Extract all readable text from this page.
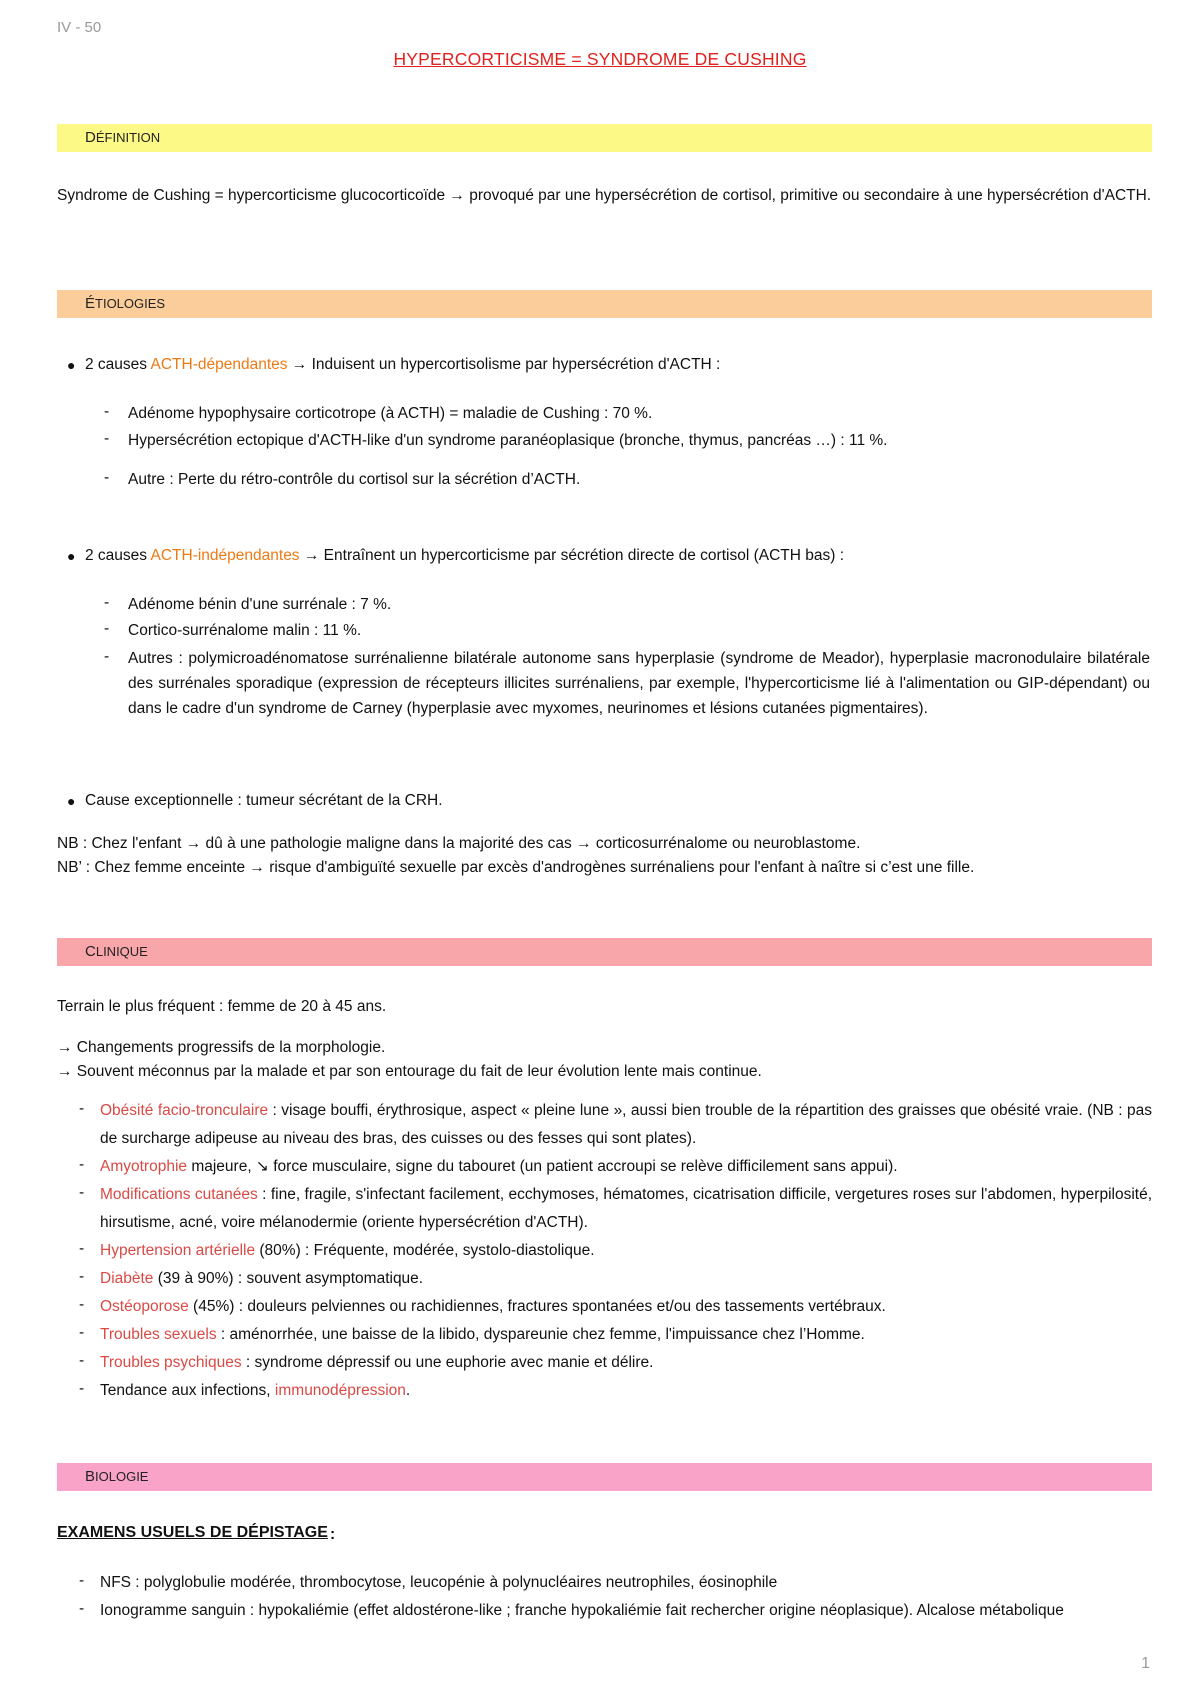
IV - 50
HYPERCORTICISME = SYNDROME DE CUSHING
DÉFINITION
Syndrome de Cushing = hypercorticisme glucocorticoïde → provoqué par une hypersécrétion de cortisol, primitive ou secondaire à une hypersécrétion d'ACTH.
ÉTIOLOGIES
● 2 causes ACTH-dépendantes → Induisent un hypercortisolisme par hypersécrétion d'ACTH :
- Adénome hypophysaire corticotrope (à ACTH) = maladie de Cushing : 70 %.
- Hypersécrétion ectopique d'ACTH-like d'un syndrome paranéoplasique (bronche, thymus, pancréas …) : 11 %.
- Autre : Perte du rétro-contrôle du cortisol sur la sécrétion d’ACTH.
● 2 causes ACTH-indépendantes → Entraînent un hypercorticisme par sécrétion directe de cortisol (ACTH bas) :
- Adénome bénin d'une surrénale : 7 %.
- Cortico-surrénalome malin : 11 %.
- Autres : polymicroadénomatose surrénalienne bilatérale autonome sans hyperplasie (syndrome de Meador), hyperplasie macronodulaire bilatérale des surrénales sporadique (expression de récepteurs illicites surrénaliens, par exemple, l'hypercorticisme lié à l'alimentation ou GIP-dépendant) ou dans le cadre d'un syndrome de Carney (hyperplasie avec myxomes, neurinomes et lésions cutanées pigmentaires).
● Cause exceptionnelle : tumeur sécrétant de la CRH.
NB : Chez l'enfant → dû à une pathologie maligne dans la majorité des cas → corticosurrénalome ou neuroblastome.
NB’ : Chez femme enceinte → risque d'ambiguïté sexuelle par excès d'androgènes surrénaliens pour l'enfant à naître si c’est une fille.
CLINIQUE
Terrain le plus fréquent : femme de 20 à 45 ans.
→ Changements progressifs de la morphologie.
→ Souvent méconnus par la malade et par son entourage du fait de leur évolution lente mais continue.
- Obésité facio-tronculaire : visage bouffi, érythrosique, aspect « pleine lune », aussi bien trouble de la répartition des graisses que obésité vraie. (NB : pas de surcharge adipeuse au niveau des bras, des cuisses ou des fesses qui sont plates).
- Amyotrophie majeure, ↘ force musculaire, signe du tabouret (un patient accroupi se relève difficilement sans appui).
- Modifications cutanées : fine, fragile, s'infectant facilement, ecchymoses, hématomes, cicatrisation difficile, vergetures roses sur l'abdomen, hyperpilosité, hirsutisme, acné, voire mélanodermie (oriente hypersécrétion d'ACTH).
- Hypertension artérielle (80%) : Fréquente, modérée, systolo-diastolique.
- Diabète (39 à 90%) : souvent asymptomatique.
- Ostéoporose (45%) : douleurs pelviennes ou rachidiennes, fractures spontanées et/ou des tassements vertébraux.
- Troubles sexuels : aménorrhée, une baisse de la libido, dyspareunie chez femme, l'impuissance chez l’Homme.
- Troubles psychiques : syndrome dépressif ou une euphorie avec manie et délire.
- Tendance aux infections, immunodépression.
BIOLOGIE
EXAMENS USUELS DE DÉPISTAGE :
- NFS : polyglobulie modérée, thrombocytose, leucopénie à polynucléaires neutrophiles, éosinophile
- Ionogramme sanguin : hypokaliémie (effet aldostérone-like ; franche hypokaliémie fait rechercher origine néoplasique). Alcalose métabolique
1
